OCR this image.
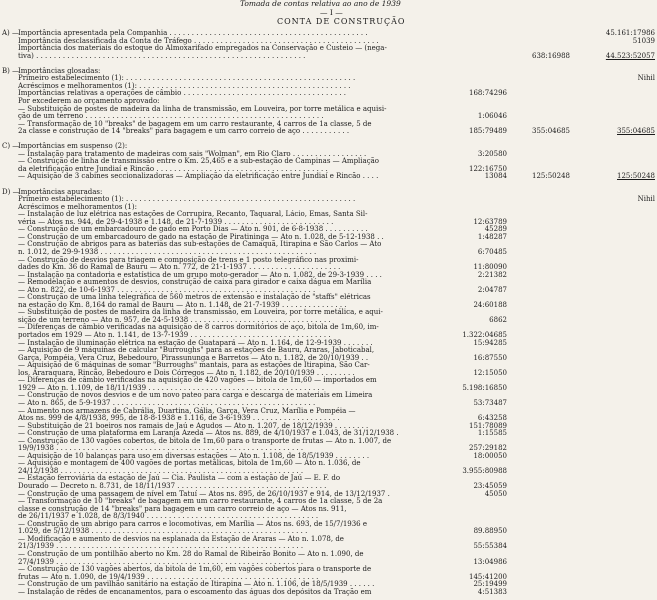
Tomada de contas relativa ao ano de 1939
— I —
CONTA DE CONSTRUÇÃO
A) —
Importância apresentada pela Companhia . . . . . . . . . . . . . . . . . . . . . . . . . . . . . . . . . . . . . . . . . . . . .	45.161:17986
Importância desclassificada da Conta de Tráfego . . . . . . . . . . . . . . . . . . . . . . . . . . . . . . . . . . . . . . . . . .	51039
Importância dos materiais do estoque do Almoxarifado empregados na Conservação e Custeio — (nega-
tiva) . . . . . . . . . . . . . . . . . . . . . . . . . . . . . . . . . . . . . . . . . . . . . . . . . . . . . . . . . . . . .	638:16988	44.523:52057
B) —
Importâncias glosadas:
Primeiro estabelecimento (1): . . . . . . . . . . . . . . . . . . . . . . . . . . . . . . . . . . . . . . . . . . . . . . . . . . . .	Nihil
Acréscimos e melhoramentos (1): . . . . . . . . . . . . . . . . . . . . . . . . . . . . . . . . . . . . . . . . . . . . . . . .
Importâncias relativas a operações de câmbio . . . . . . . . . . . . . . . . . . . . . . . . . . . . . . . . . . . . .	168:74296
Por excederem ao orçamento aprovado:
— Substituição de postes de madeira da linha de transmissão, em Louveira, por torre metálica e aquisi-
ção de um terreno . . . . . . . . . . . . . . . . . . . . . . . . . . . . . . . . . . . . . . . . . . . . . . . . . . . . . .	1:06046
— Transformação de 10 "breaks" de bagagem em um carro restaurante, 4 carros de 1a classe, 5 de
2a classe e construção de 14 "breaks" para bagagem e um carro correio de aço . . . . . . . . . . .	185:79489	355:04685	355:04685
C) —
Importâncias em suspenso (2):
— Instalação para tratamento de madeiras com sais "Wolman", em Rio Claro . . . . . . . . . . . . . . . . .	3:20580
— Construção de linha de transmissão entre o Km. 25,465 e a sub-estação de Campinas — Ampliação
da eletrificação entre Jundiaí e Rincão . . . . . . . . . . . . . . . . . . . . . . . . . . . . . . . . . . . . . . .	122:16750
— Aquisição de 3 cabines seccionalizadoras — Ampliação da eletrificação entre Jundiaí e Rincão . . . .	13084	125:50248	125:50248
D) —
Importâncias apuradas:
Primeiro estabelecimento (1): . . . . . . . . . . . . . . . . . . . . . . . . . . . . . . . . . . . . . . . . . . . . . . . . . . . .	Nihil
Acréscimos e melhoramentos (1):
— Instalação de luz elétrica nas estações de Corrupira, Recanto, Taquaral, Lácio, Emas, Santa Sil-
véria — Atos ns. 944, de 29-4-1938 e 1.148, de 21-7-1939 . . . . . . . . . . . . . . . . . . . . . . . . .	12:63789
— Construção de um embarcadouro de gado em Porto Dias — Ato n. 901, de 6-8-1938 . . . . . . . . . .	45289
— Construção de um embarcadouro de gado na estação de Piratininga — Ato n. 1.028, de 5-12-1938 . .	1:48287
— Construção de abrigos para as baterias das sub-estações de Camaquã, Itirapina e São Carlos — Ato
n. 1.012, de 29-9-1938 . . . . . . . . . . . . . . . . . . . . . . . . . . . . . . . . . . . . . . . . . . . . . . . . .	6:70485
— Construção de desvios para triagem e composição de trens e 1 posto telegráfico nas proximi-
dades do Km. 36 do Ramal de Bauru — Ato n. 772, de 21-1-1937 . . . . . . . . . . . . . . . . . . . . .	11:80090
— Instalação na contadoria e estatística de um grupo moto-gerador — Ato n. 1.082, de 29-3-1939 . . . .	2:21382
— Remodelação e aumentos de desvios, construção de caixa para girador e caixa dágua em Marília
— Ato n. 822, de 10-6-1937 . . . . . . . . . . . . . . . . . . . . . . . . . . . . . . . . . . . . . . . . . . . . .	2:04787
— Construção de uma linha telegráfica de 560 metros de extensão e instalação de "staffs" elétricas
na estação do Km. 8,164 do ramal de Bauru — Ato n. 1.148, de 21-7-1939 . . . . . . . . . . . . . . .	24:60188
— Substituição de postes de madeira da linha de transmissão, em Louveira, por torre metálica, e aqui-
sição de um terreno — Ato n. 957, de 24-5-1938 . . . . . . . . . . . . . . . . . . . . . . . . . . . . . . . .	6862
— Diferenças de câmbio verificadas na aquisição de 8 carros dormitórios de aço, bitola de 1m,60, im-
portados em 1929 — Ato n. 1.141, de 13-7-1939 . . . . . . . . . . . . . . . . . . . . . . . . . . . . . . . .	1.322:04685
— Instalação de iluminação elétrica na estação de Guatapará — Ato n. 1.164, de 12-9-1939 . . . . . . .	15:94285
— Aquisição de 9 máquinas de calcular "Burroughs" para as estações de Bauru, Araras, Jaboticabal,
Garça, Pompéia, Vera Cruz, Bebedouro, Pirassununga e Barretos — Ato n. 1.182, de 20/10/1939 . .	16:87550
— Aquisição de 6 máquinas de somar "Burroughs" mantais, para as estações de Itirapina, São Car-
los, Araraquara, Rincão, Bebedouro e Dois Córregos — Ato n. 1.182, de 20/10/1939 . . . . . . . . .	12:15050
— Diferenças de câmbio verificadas na aquisição de 420 vagões — bitola de 1m,60 — importados em
1929 — Ato n. 1.109, de 18/11/1939 . . . . . . . . . . . . . . . . . . . . . . . . . . . . . . . . . . . . . . . .	5.198:16850
— Construção de novos desvios e de um novo pateo para carga e descarga de materiais em Limeira
— Ato n. 865, de 5-9-1937 . . . . . . . . . . . . . . . . . . . . . . . . . . . . . . . . . . . . . . . . . . . . . .	53:73487
— Aumento nos armazens de Cabrália, Duartina, Gália, Garça, Vera Cruz, Marília e Pompéia —
Atos ns. 999 de 4/8/1938, 995, de 18-8-1938 e 1.116, de 3-6-1939 . . . . . . . . . . . . . . . . . . . .	6:43258
— Substituição de 21 boeiros nos ramais de Jaú e Agudos — Ato n. 1.207, de 18/12/1939 . . . . . . . .	151:78089
— Construção de uma plataforma em Laranja Azeda — Atos ns. 889, de 4/10/1937 e 1.043, de 31/12/1938 .	1:15585
— Construção de 130 vagões cobertos, de bitola de 1m,60 para o transporte de frutas — Ato n. 1.007, de
19/9/1938 . . . . . . . . . . . . . . . . . . . . . . . . . . . . . . . . . . . . . . . . . . . . . . . . . . . . . . . .	257:29182
— Aquisição de 10 balanças para uso em diversas estações — Ato n. 1.108, de 18/5/1939 . . . . . . . .	18:00050
— Aquisição e montagem de 400 vagões de portas metálicas, bitola de 1m,60 — Ato n. 1.036, de
24/12/1938 . . . . . . . . . . . . . . . . . . . . . . . . . . . . . . . . . . . . . . . . . . . . . . . . . . . . . . .	3.955:80988
— Estação ferroviária da estação de Jaú — Cia. Paulista — com a estação de Jaú — E. F. do
Dourado — Decreto n. 8.731, de 18/11/1937 . . . . . . . . . . . . . . . . . . . . . . . . . . . . . . . . . .	23:45059
— Construção de uma passagem de nível em Tatuí — Atos ns. 895, de 26/10/1937 e 914, de 13/12/1937 .	45050
— Transformação de 10 "breaks" de bagagem em um carro restaurante, 4 carros de 1a classe, 5 de 2a
classe e construção de 14 "breaks" para bagagem e um carro correio de aço — Atos ns. 911,
de 26/11/1937 e 1.028, de 8/3/1940 . . . . . . . . . . . . . . . . . . . . . . . . . . . . . . . . . . . . . . .
— Construção de um abrigo para carros e locomotivas, em Marília — Atos ns. 693, de 15/7/1936 e
1.029, de 5/12/1938 . . . . . . . . . . . . . . . . . . . . . . . . . . . . . . . . . . . . . . . . . . . . . . . . .	89.88950
— Modificação e aumento de desvios na esplanada da Estação de Araras — Ato n. 1.078, de
21/3/1939 . . . . . . . . . . . . . . . . . . . . . . . . . . . . . . . . . . . . . . . . . . . . . . . . . . . . . . . .	55:55384
— Construção de um pontilhão aberto no Km. 28 do Ramal de Ribeirão Bonito — Ato n. 1.090, de
27/4/1939 . . . . . . . . . . . . . . . . . . . . . . . . . . . . . . . . . . . . . . . . . . . . . . . . . . . . . . . .	13:04986
— Construção de 130 vagões abertos, da bitola de 1m,60, em vagões cobertos para o transporte de
frutas — Ato n. 1.090, de 19/4/1939 . . . . . . . . . . . . . . . . . . . . . . . . . . . . . . . . . . . . . . .	145:41200
— Construção de um pavilhão sanitário na estação de Itirapina — Ato n. 1.106, de 18/5/1939 . . . . . .	25:19499
— Instalação de rêdes de encanamentos, para o escoamento das águas dos depósitos da Tração em	4:51383
